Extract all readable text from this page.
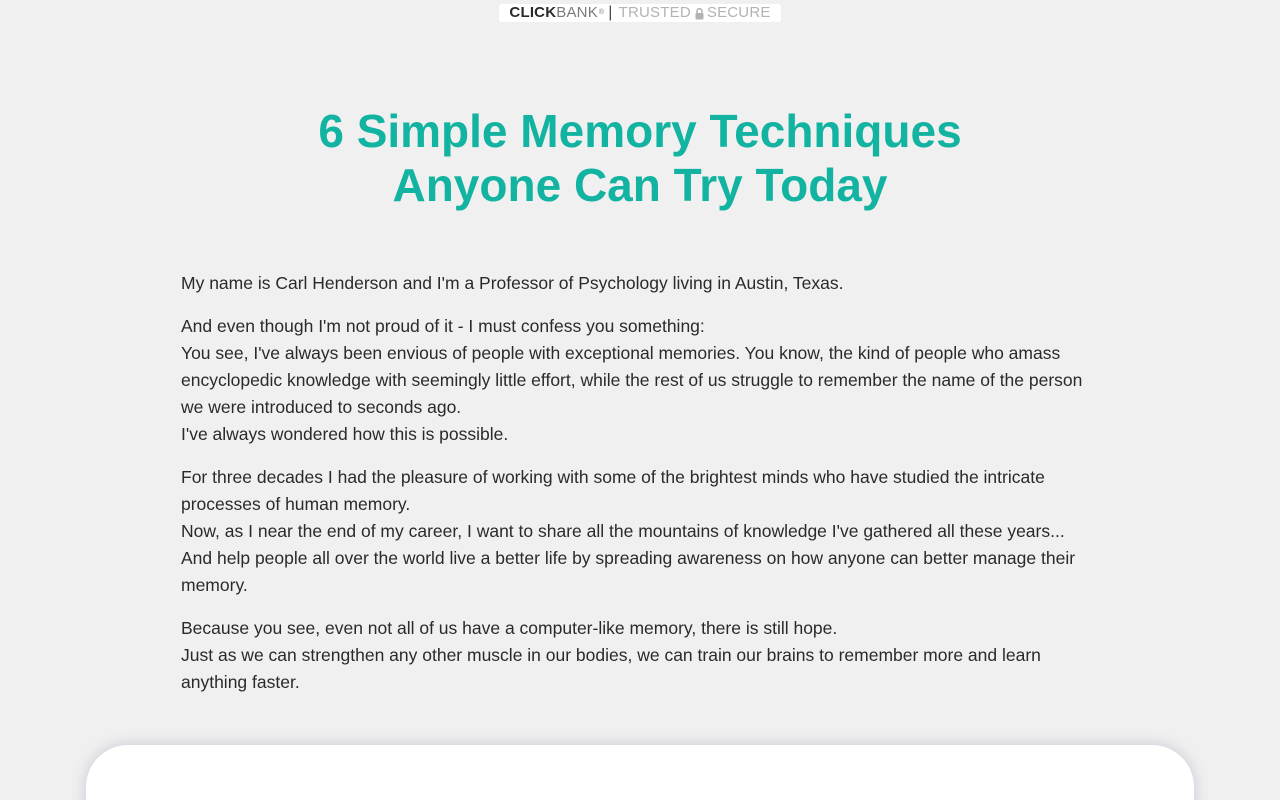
CLICK BANK ® | TRUSTED SECURE
6 Simple Memory Techniques
Anyone Can Try Today

My name is Carl Henderson and I'm a Professor of Psychology living in Austin, Texas.

And even though I'm not proud of it - I must confess you something:
You see, I've always been envious of people with exceptional memories. You know, the kind of people who amass encyclopedic knowledge with seemingly little effort, while the rest of us struggle to remember the name of the person we were introduced to seconds ago.
I've always wondered how this is possible.

For three decades I had the pleasure of working with some of the brightest minds who have studied the intricate processes of human memory.
Now, as I near the end of my career, I want to share all the mountains of knowledge I've gathered all these years...
And help people all over the world live a better life by spreading awareness on how anyone can better manage their memory.

Because you see, even not all of us have a computer-like memory, there is still hope.
Just as we can strengthen any other muscle in our bodies, we can train our brains to remember more and learn anything faster.
